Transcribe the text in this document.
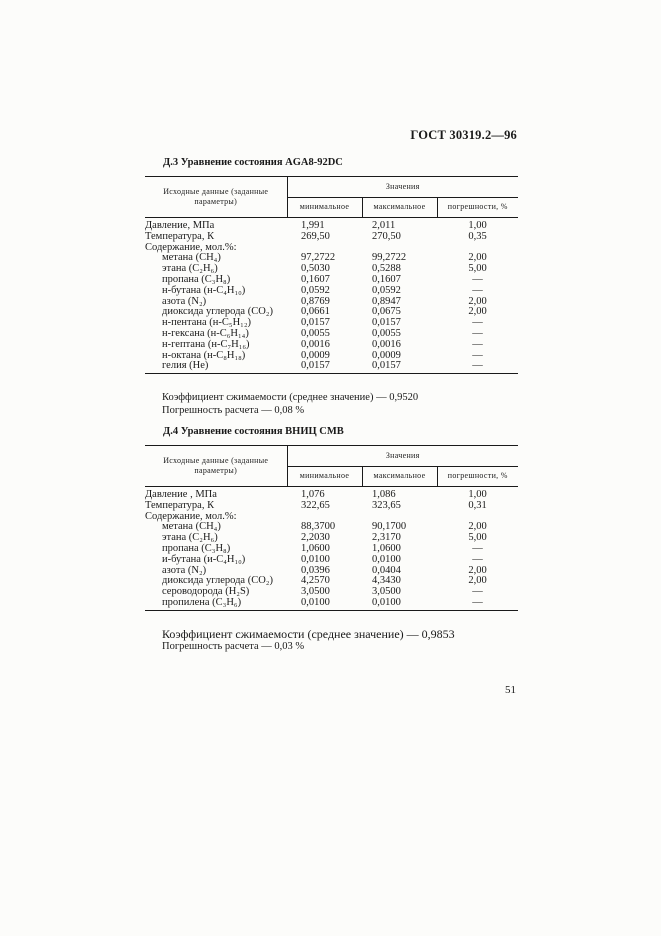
ГОСТ 30319.2—96
Д.3 Уравнение состояния AGA8-92DC
Исходные данные (заданные параметры)	Значения		
	минимальное	максимальное	погрешности, %
Давление, МПа	1,991	2,011	1,00
Температура, К	269,50	270,50	0,35
Содержание, мол.%:			
метана (CH₄)	97,2722	99,2722	2,00
этана (C₂H₆)	0,5030	0,5288	5,00
пропана (C₃H₈)	0,1607	0,1607	—
н-бутана (н-C₄H₁₀)	0,0592	0,0592	—
азота (N₂)	0,8769	0,8947	2,00
диоксида углерода (CO₂)	0,0661	0,0675	2,00
н-пентана (н-C₅H₁₂)	0,0157	0,0157	—
н-гексана (н-C₆H₁₄)	0,0055	0,0055	—
н-гептана (н-C₇H₁₆)	0,0016	0,0016	—
н-октана (н-C₈H₁₈)	0,0009	0,0009	—
гелия (He)	0,0157	0,0157	—
Коэффициент сжимаемости (среднее значение) — 0,9520
Погрешность расчета — 0,08 %
Д.4 Уравнение состояния ВНИЦ СМВ
Исходные данные (заданные параметры)	Значения		
	минимальное	максимальное	погрешности, %
Давление , МПа	1,076	1,086	1,00
Температура, К	322,65	323,65	0,31
Содержание, мол.%:			
метана (CH₄)	88,3700	90,1700	2,00
этана (C₂H₆)	2,2030	2,3170	5,00
пропана (C₃H₈)	1,0600	1,0600	—
и-бутана (и-C₄H₁₀)	0,0100	0,0100	—
азота (N₂)	0,0396	0,0404	2,00
диоксида углерода (CO₂)	4,2570	4,3430	2,00
сероводорода (H₂S)	3,0500	3,0500	—
пропилена (C₃H₆)	0,0100	0,0100	—
Коэффициент сжимаемости (среднее значение) — 0,9853
Погрешность расчета — 0,03 %
51
